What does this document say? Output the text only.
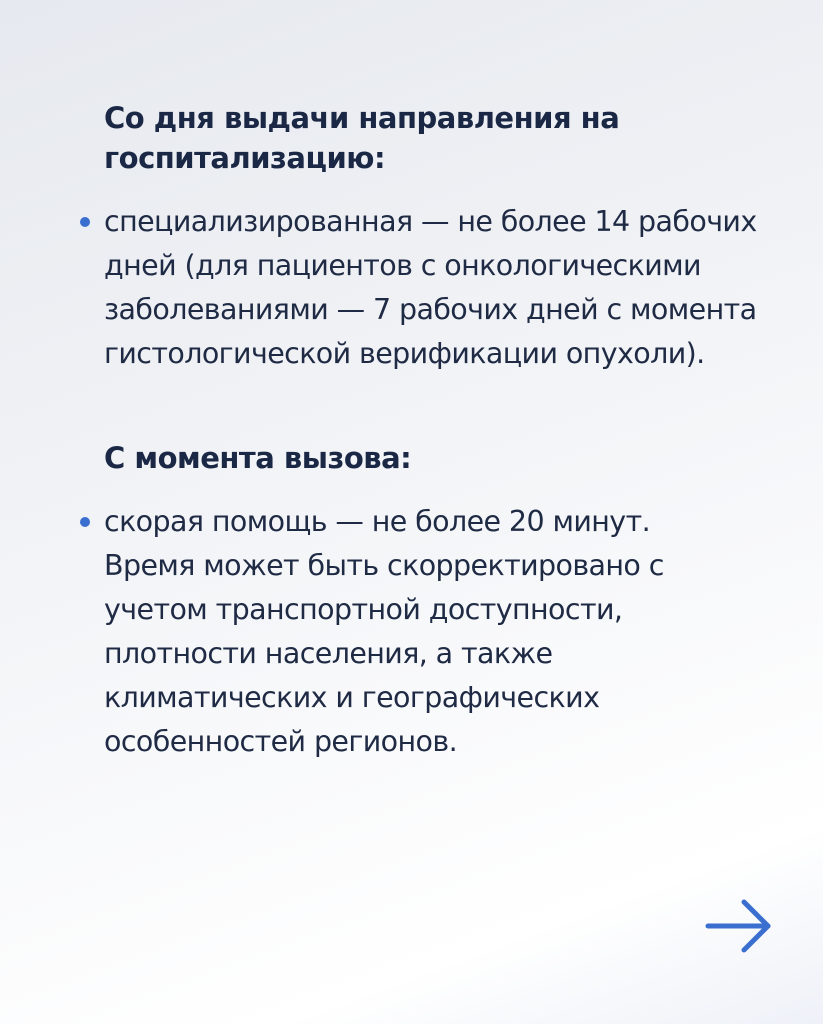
Со дня выдачи направления на госпитализацию:

специализированная — не более 14 рабочих дней (для пациентов с онкологическими заболеваниями — 7 рабочих дней с момента гистологической верификации опухоли).

С момента вызова:

скорая помощь — не более 20 минут. Время может быть скорректировано с учетом транспортной доступности, плотности населения, а также климатических и географических особенностей регионов.
